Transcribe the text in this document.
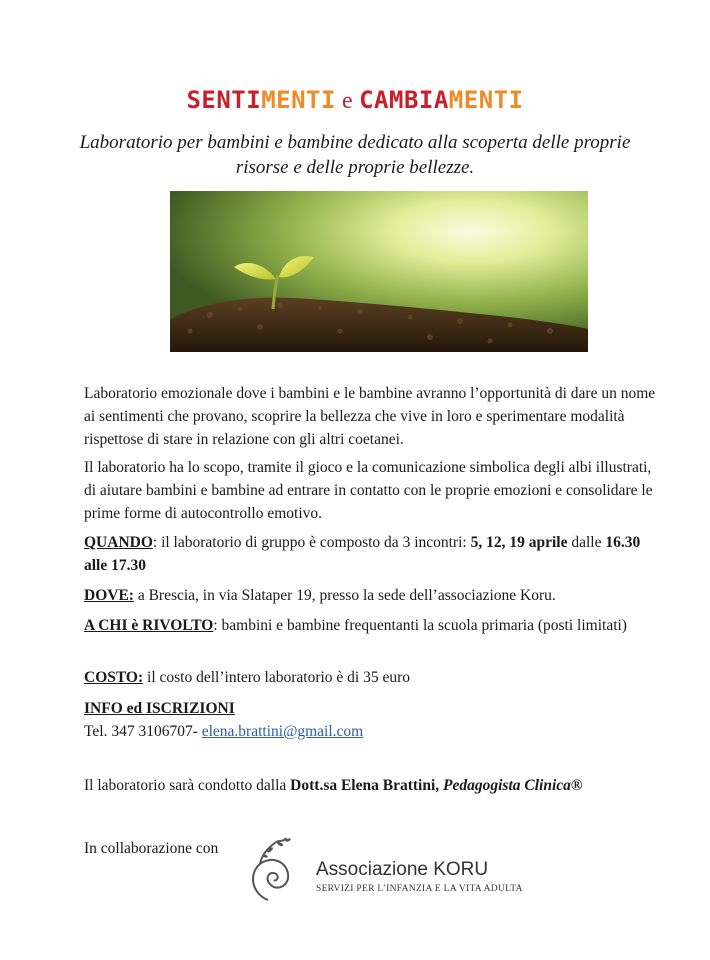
SENTIMENTI e CAMBIAMENTI
Laboratorio per bambini e bambine dedicato alla scoperta delle proprie risorse e delle proprie bellezze.
Laboratorio emozionale dove i bambini e le bambine avranno l’opportunità di dare un nome ai sentimenti che provano, scoprire la bellezza che vive in loro e sperimentare modalità rispettose di stare in relazione con gli altri coetanei.
Il laboratorio ha lo scopo, tramite il gioco e la comunicazione simbolica degli albi illustrati, di aiutare bambini e bambine ad entrare in contatto con le proprie emozioni e consolidare le prime forme di autocontrollo emotivo.
QUANDO: il laboratorio di gruppo è composto da 3 incontri: 5, 12, 19 aprile dalle 16.30 alle 17.30
DOVE: a Brescia, in via Slataper 19, presso la sede dell’associazione Koru.
A CHI è RIVOLTO: bambini e bambine frequentanti la scuola primaria (posti limitati)
COSTO: il costo dell’intero laboratorio è di 35 euro
INFO ed ISCRIZIONI
Tel. 347 3106707- elena.brattini@gmail.com
Il laboratorio sarà condotto dalla Dott.sa Elena Brattini, Pedagogista Clinica®
In collaborazione con
Associazione KORU
SERVIZI PER L’INFANZIA E LA VITA ADULTA
